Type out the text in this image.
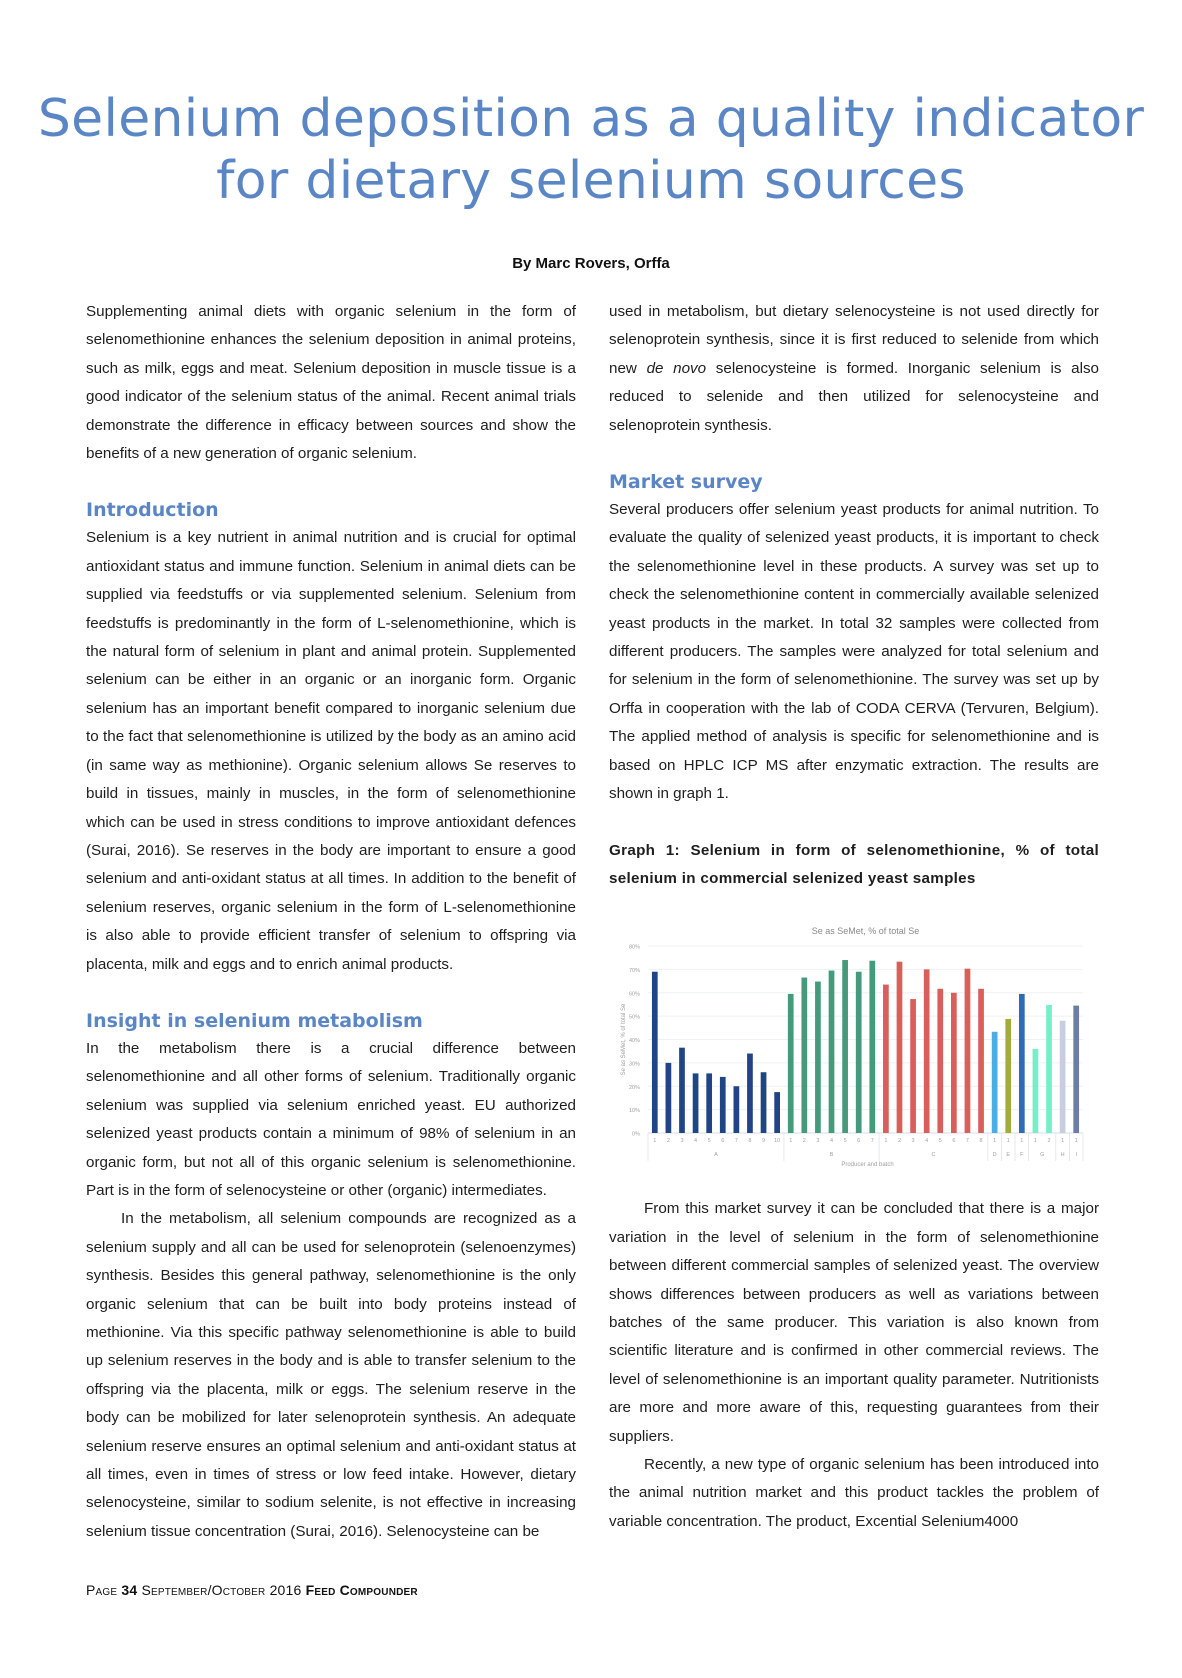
Selenium deposition as a quality indicator
for dietary selenium sources
By Marc Rovers, Orffa

Supplementing animal diets with organic selenium in the form of selenomethionine enhances the selenium deposition in animal proteins, such as milk, eggs and meat. Selenium deposition in muscle tissue is a good indicator of the selenium status of the animal. Recent animal trials demonstrate the difference in efficacy between sources and show the benefits of a new generation of organic selenium.

Introduction

Selenium is a key nutrient in animal nutrition and is crucial for optimal antioxidant status and immune function. Selenium in animal diets can be supplied via feedstuffs or via supplemented selenium. Selenium from feedstuffs is predominantly in the form of L-selenomethionine, which is the natural form of selenium in plant and animal protein. Supplemented selenium can be either in an organic or an inorganic form. Organic selenium has an important benefit compared to inorganic selenium due to the fact that selenomethionine is utilized by the body as an amino acid (in same way as methionine). Organic selenium allows Se reserves to build in tissues, mainly in muscles, in the form of selenomethionine which can be used in stress conditions to improve antioxidant defences (Surai, 2016). Se reserves in the body are important to ensure a good selenium and anti-oxidant status at all times. In addition to the benefit of selenium reserves, organic selenium in the form of L-selenomethionine is also able to provide efficient transfer of selenium to offspring via placenta, milk and eggs and to enrich animal products.

Insight in selenium metabolism

In the metabolism there is a crucial difference between selenomethionine and all other forms of selenium. Traditionally organic selenium was supplied via selenium enriched yeast. EU authorized selenized yeast products contain a minimum of 98% of selenium in an organic form, but not all of this organic selenium is selenomethionine. Part is in the form of selenocysteine or other (organic) intermediates.

In the metabolism, all selenium compounds are recognized as a selenium supply and all can be used for selenoprotein (selenoenzymes) synthesis. Besides this general pathway, selenomethionine is the only organic selenium that can be built into body proteins instead of methionine. Via this specific pathway selenomethionine is able to build up selenium reserves in the body and is able to transfer selenium to the offspring via the placenta, milk or eggs. The selenium reserve in the body can be mobilized for later selenoprotein synthesis. An adequate selenium reserve ensures an optimal selenium and anti-oxidant status at all times, even in times of stress or low feed intake. However, dietary selenocysteine, similar to sodium selenite, is not effective in increasing selenium tissue concentration (Surai, 2016). Selenocysteine can be

used in metabolism, but dietary selenocysteine is not used directly for selenoprotein synthesis, since it is first reduced to selenide from which new de novo selenocysteine is formed. Inorganic selenium is also reduced to selenide and then utilized for selenocysteine and selenoprotein synthesis.

Market survey

Several producers offer selenium yeast products for animal nutrition. To evaluate the quality of selenized yeast products, it is important to check the selenomethionine level in these products. A survey was set up to check the selenomethionine content in commercially available selenized yeast products in the market. In total 32 samples were collected from different producers. The samples were analyzed for total selenium and for selenium in the form of selenomethionine. The survey was set up by Orffa in cooperation with the lab of CODA CERVA (Tervuren, Belgium). The applied method of analysis is specific for selenomethionine and is based on HPLC ICP MS after enzymatic extraction. The results are shown in graph 1.

Graph 1: Selenium in form of selenomethionine, % of total selenium in commercial selenized yeast samples

From this market survey it can be concluded that there is a major variation in the level of selenium in the form of selenomethionine between different commercial samples of selenized yeast. The overview shows differences between producers as well as variations between batches of the same producer. This variation is also known from scientific literature and is confirmed in other commercial reviews. The level of selenomethionine is an important quality parameter. Nutritionists are more and more aware of this, requesting guarantees from their suppliers.

Recently, a new type of organic selenium has been introduced into the animal nutrition market and this product tackles the problem of variable concentration. The product, Excential Selenium4000

Se as SeMet, % of total Se
0%
10%
20%
30%
40%
50%
60%
70%
80%
Se as SeMet, % of total Se
1 2 3 4 5 6 7 8 9 10
A
1 2 3 4 5 6 7
B
1 2 3 4 5 6 7 8
C
1
D
1
E
1
F
1 2
G
1
H
1
I
Producer and batch
Page 34 September/October 2016 Feed Compounder
